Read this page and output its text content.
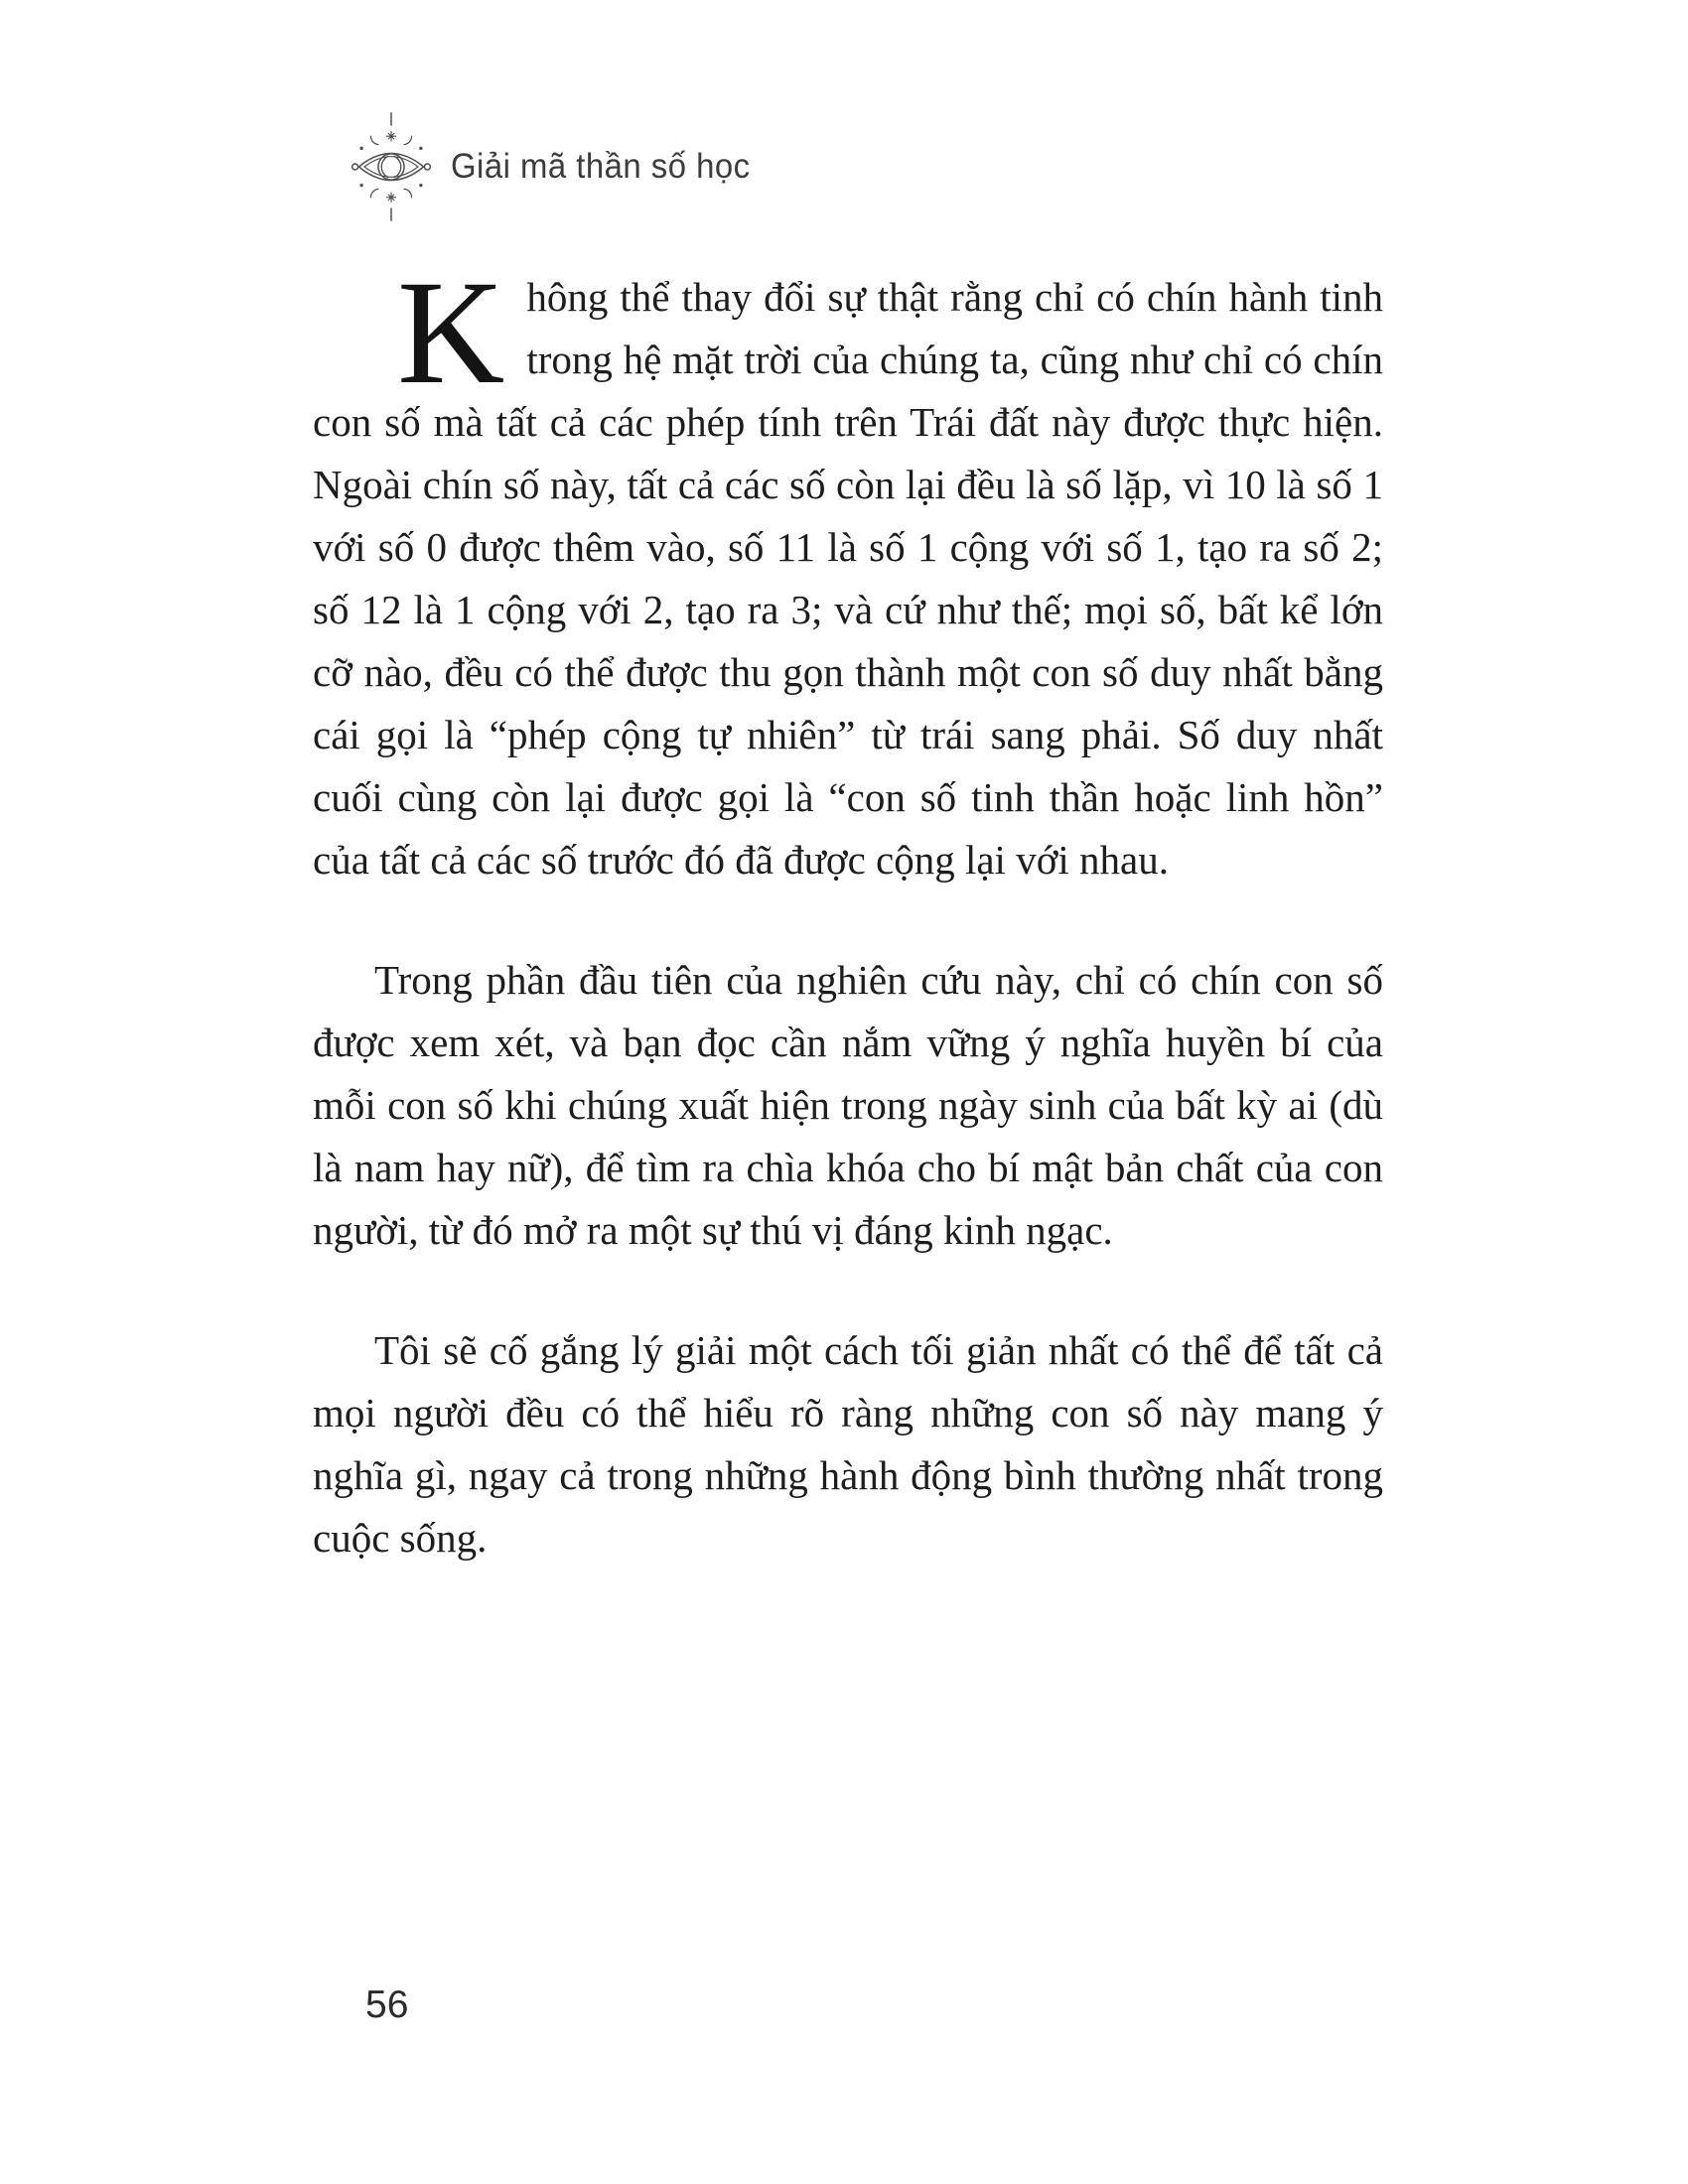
Giải mã thần số học

Không thể thay đổi sự thật rằng chỉ có chín hành tinh trong hệ mặt trời của chúng ta, cũng như chỉ có chín con số mà tất cả các phép tính trên Trái đất này được thực hiện. Ngoài chín số này, tất cả các số còn lại đều là số lặp, vì 10 là số 1 với số 0 được thêm vào, số 11 là số 1 cộng với số 1, tạo ra số 2; số 12 là 1 cộng với 2, tạo ra 3; và cứ như thế; mọi số, bất kể lớn cỡ nào, đều có thể được thu gọn thành một con số duy nhất bằng cái gọi là “phép cộng tự nhiên” từ trái sang phải. Số duy nhất cuối cùng còn lại được gọi là “con số tinh thần hoặc linh hồn” của tất cả các số trước đó đã được cộng lại với nhau.

Trong phần đầu tiên của nghiên cứu này, chỉ có chín con số được xem xét, và bạn đọc cần nắm vững ý nghĩa huyền bí của mỗi con số khi chúng xuất hiện trong ngày sinh của bất kỳ ai (dù là nam hay nữ), để tìm ra chìa khóa cho bí mật bản chất của con người, từ đó mở ra một sự thú vị đáng kinh ngạc.

Tôi sẽ cố gắng lý giải một cách tối giản nhất có thể để tất cả mọi người đều có thể hiểu rõ ràng những con số này mang ý nghĩa gì, ngay cả trong những hành động bình thường nhất trong cuộc sống.

56
